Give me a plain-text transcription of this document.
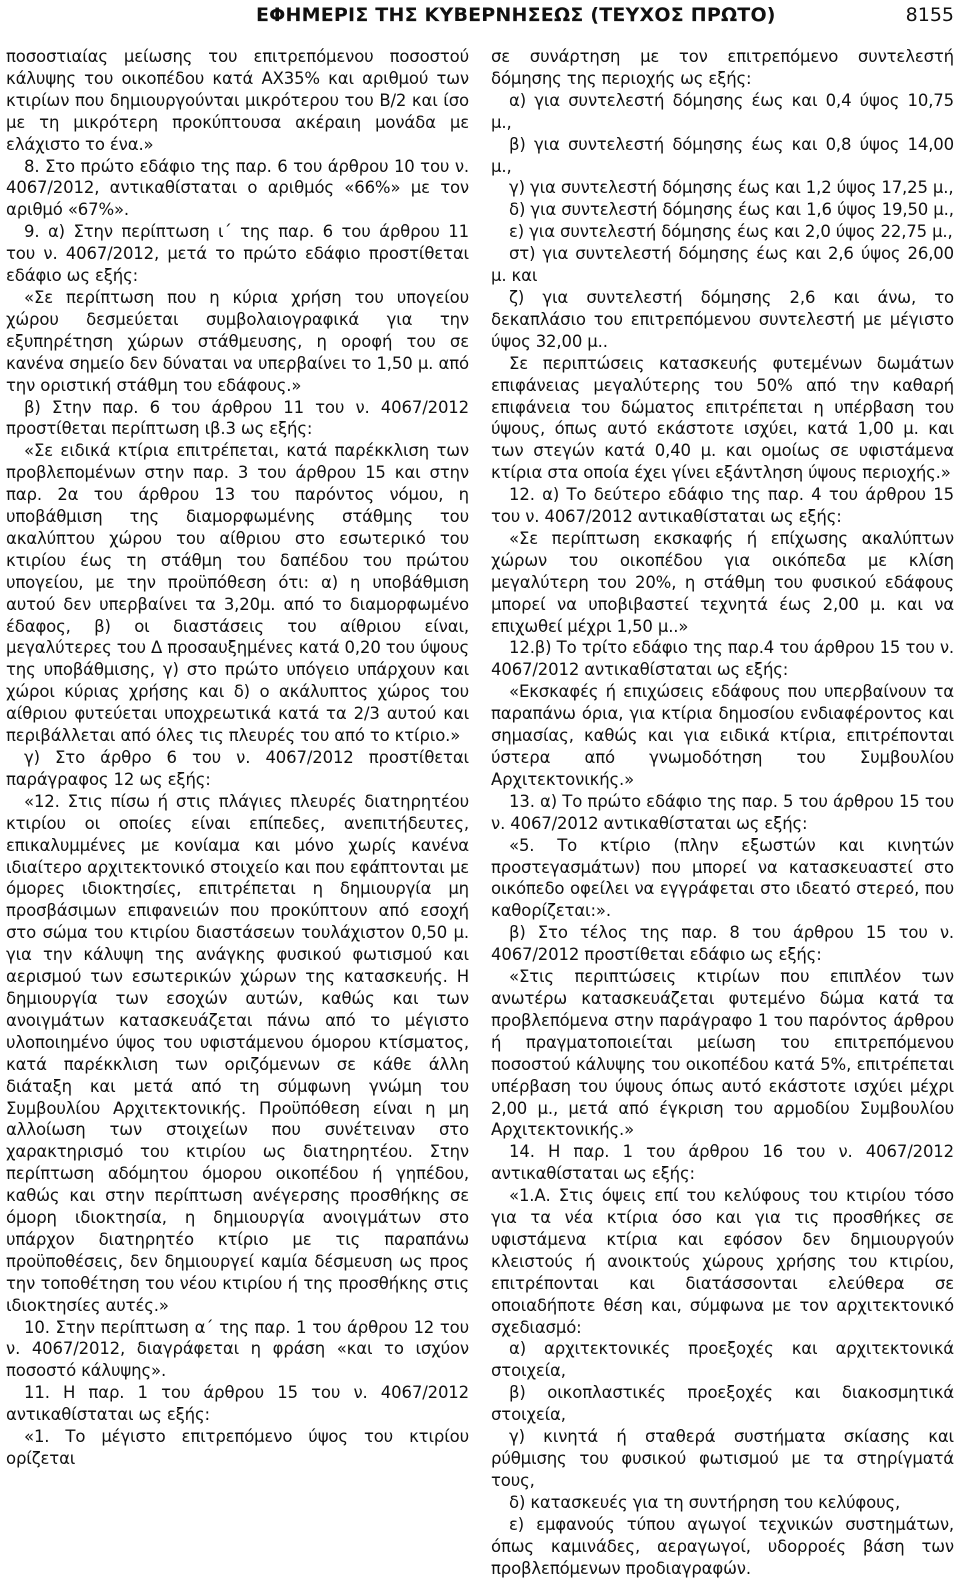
ΕΦΗΜΕΡΙΣ ΤΗΣ ΚΥΒΕΡΝΗΣΕΩΣ (ΤΕΥΧΟΣ ΠΡΩΤΟ)	8155

ποσοστιαίας μείωσης του επιτρεπόμενου ποσοστού κάλυψης του οικοπέδου κατά ΑΧ35% και αριθμού των κτιρίων που δημιουργούνται μικρότερου του Β/2 και ίσο με τη μικρότερη προκύπτουσα ακέραιη μονάδα με ελάχιστο το ένα.»

8. Στο πρώτο εδάφιο της παρ. 6 του άρθρου 10 του ν. 4067/2012, αντικαθίσταται ο αριθμός «66%» με τον αριθμό «67%».

9. α) Στην περίπτωση ι΄ της παρ. 6 του άρθρου 11 του ν. 4067/2012, μετά το πρώτο εδάφιο προστίθεται εδάφιο ως εξής:

«Σε περίπτωση που η κύρια χρήση του υπογείου χώρου δεσμεύεται συμβολαιογραφικά για την εξυπηρέτηση χώρων στάθμευσης, η οροφή του σε κανένα σημείο δεν δύναται να υπερβαίνει το 1,50 μ. από την οριστική στάθμη του εδάφους.»

β) Στην παρ. 6 του άρθρου 11 του ν. 4067/2012 προστίθεται περίπτωση ιβ.3 ως εξής:

«Σε ειδικά κτίρια επιτρέπεται, κατά παρέκκλιση των προβλεπομένων στην παρ. 3 του άρθρου 15 και στην παρ. 2α του άρθρου 13 του παρόντος νόμου, η υποβάθμιση της διαμορφωμένης στάθμης του ακαλύπτου χώρου του αίθριου στο εσωτερικό του κτιρίου έως τη στάθμη του δαπέδου του πρώτου υπογείου, με την προϋπόθεση ότι: α) η υποβάθμιση αυτού δεν υπερβαίνει τα 3,20μ. από το διαμορφωμένο έδαφος, β) οι διαστάσεις του αίθριου είναι, μεγαλύτερες του Δ προσαυξημένες κατά 0,20 του ύψους της υποβάθμισης, γ) στο πρώτο υπόγειο υπάρχουν και χώροι κύριας χρήσης και δ) ο ακάλυπτος χώρος του αίθριου φυτεύεται υποχρεωτικά κατά τα 2/3 αυτού και περιβάλλεται από όλες τις πλευρές του από το κτίριο.»

γ) Στο άρθρο 6 του ν. 4067/2012 προστίθεται παράγραφος 12 ως εξής:

«12. Στις πίσω ή στις πλάγιες πλευρές διατηρητέου κτιρίου οι οποίες είναι επίπεδες, ανεπιτήδευτες, επικαλυμμένες με κονίαμα και μόνο χωρίς κανένα ιδιαίτερο αρχιτεκτονικό στοιχείο και που εφάπτονται με όμορες ιδιοκτησίες, επιτρέπεται η δημιουργία μη προσβάσιμων επιφανειών που προκύπτουν από εσοχή στο σώμα του κτιρίου διαστάσεων τουλάχιστον 0,50 μ. για την κάλυψη της ανάγκης φυσικού φωτισμού και αερισμού των εσωτερικών χώρων της κατασκευής. Η δημιουργία των εσοχών αυτών, καθώς και των ανοιγμάτων κατασκευάζεται πάνω από το μέγιστο υλοποιημένο ύψος του υφιστάμενου όμορου κτίσματος, κατά παρέκκλιση των οριζόμενων σε κάθε άλλη διάταξη και μετά από τη σύμφωνη γνώμη του Συμβουλίου Αρχιτεκτονικής. Προϋπόθεση είναι η μη αλλοίωση των στοιχείων που συνέτειναν στο χαρακτηρισμό του κτιρίου ως διατηρητέου. Στην περίπτωση αδόμητου όμορου οικοπέδου ή γηπέδου, καθώς και στην περίπτωση ανέγερσης προσθήκης σε όμορη ιδιοκτησία, η δημιουργία ανοιγμάτων στο υπάρχον διατηρητέο κτίριο με τις παραπάνω προϋποθέσεις, δεν δημιουργεί καμία δέσμευση ως προς την τοποθέτηση του νέου κτιρίου ή της προσθήκης στις ιδιοκτησίες αυτές.»

10. Στην περίπτωση α΄ της παρ. 1 του άρθρου 12 του ν. 4067/2012, διαγράφεται η φράση «και το ισχύον ποσοστό κάλυψης».

11. Η παρ. 1 του άρθρου 15 του ν. 4067/2012 αντικαθίσταται ως εξής:

«1. Το μέγιστο επιτρεπόμενο ύψος του κτιρίου ορίζεται

σε συνάρτηση με τον επιτρεπόμενο συντελεστή δόμησης της περιοχής ως εξής:

α) για συντελεστή δόμησης έως και 0,4 ύψος 10,75 μ.,

β) για συντελεστή δόμησης έως και 0,8 ύψος 14,00 μ.,

γ) για συντελεστή δόμησης έως και 1,2 ύψος 17,25 μ.,

δ) για συντελεστή δόμησης έως και 1,6 ύψος 19,50 μ.,

ε) για συντελεστή δόμησης έως και 2,0 ύψος 22,75 μ.,

στ) για συντελεστή δόμησης έως και 2,6 ύψος 26,00 μ. και

ζ) για συντελεστή δόμησης 2,6 και άνω, το δεκαπλάσιο του επιτρεπόμενου συντελεστή με μέγιστο ύψος 32,00 μ..

Σε περιπτώσεις κατασκευής φυτεμένων δωμάτων επιφάνειας μεγαλύτερης του 50% από την καθαρή επιφάνεια του δώματος επιτρέπεται η υπέρβαση του ύψους, όπως αυτό εκάστοτε ισχύει, κατά 1,00 μ. και των στεγών κατά 0,40 μ. και ομοίως σε υφιστάμενα κτίρια στα οποία έχει γίνει εξάντληση ύψους περιοχής.»

12. α) Το δεύτερο εδάφιο της παρ. 4 του άρθρου 15 του ν. 4067/2012 αντικαθίσταται ως εξής:

«Σε περίπτωση εκσκαφής ή επίχωσης ακαλύπτων χώρων του οικοπέδου για οικόπεδα με κλίση μεγαλύτερη του 20%, η στάθμη του φυσικού εδάφους μπορεί να υποβιβαστεί τεχνητά έως 2,00 μ. και να επιχωθεί μέχρι 1,50 μ..»

12.β) Το τρίτο εδάφιο της παρ.4 του άρθρου 15 του ν. 4067/2012 αντικαθίσταται ως εξής:

«Εκσκαφές ή επιχώσεις εδάφους που υπερβαίνουν τα παραπάνω όρια, για κτίρια δημοσίου ενδιαφέροντος και σημασίας, καθώς και για ειδικά κτίρια, επιτρέπονται ύστερα από γνωμοδότηση του Συμβουλίου Αρχιτεκτονικής.»

13. α) Το πρώτο εδάφιο της παρ. 5 του άρθρου 15 του ν. 4067/2012 αντικαθίσταται ως εξής:

«5. Το κτίριο (πλην εξωστών και κινητών προστεγασμάτων) που μπορεί να κατασκευαστεί στο οικόπεδο οφείλει να εγγράφεται στο ιδεατό στερεό, που καθορίζεται:».

β) Στο τέλος της παρ. 8 του άρθρου 15 του ν. 4067/2012 προστίθεται εδάφιο ως εξής:

«Στις περιπτώσεις κτιρίων που επιπλέον των ανωτέρω κατασκευάζεται φυτεμένο δώμα κατά τα προβλεπόμενα στην παράγραφο 1 του παρόντος άρθρου ή πραγματοποιείται μείωση του επιτρεπόμενου ποσοστού κάλυψης του οικοπέδου κατά 5%, επιτρέπεται υπέρβαση του ύψους όπως αυτό εκάστοτε ισχύει μέχρι 2,00 μ., μετά από έγκριση του αρμοδίου Συμβουλίου Αρχιτεκτονικής.»

14. Η παρ. 1 του άρθρου 16 του ν. 4067/2012 αντικαθίσταται ως εξής:

«1.Α. Στις όψεις επί του κελύφους του κτιρίου τόσο για τα νέα κτίρια όσο και για τις προσθήκες σε υφιστάμενα κτίρια και εφόσον δεν δημιουργούν κλειστούς ή ανοικτούς χώρους χρήσης του κτιρίου, επιτρέπονται και διατάσσονται ελεύθερα σε οποιαδήποτε θέση και, σύμφωνα με τον αρχιτεκτονικό σχεδιασμό:

α) αρχιτεκτονικές προεξοχές και αρχιτεκτονικά στοιχεία,

β) οικοπλαστικές προεξοχές και διακοσμητικά στοιχεία,

γ) κινητά ή σταθερά συστήματα σκίασης και ρύθμισης του φυσικού φωτισμού με τα στηρίγματά τους,

δ) κατασκευές για τη συντήρηση του κελύφους,

ε) εμφανούς τύπου αγωγοί τεχνικών συστημάτων, όπως καμινάδες, αεραγωγοί, υδορροές βάση των προβλεπόμενων προδιαγραφών.
